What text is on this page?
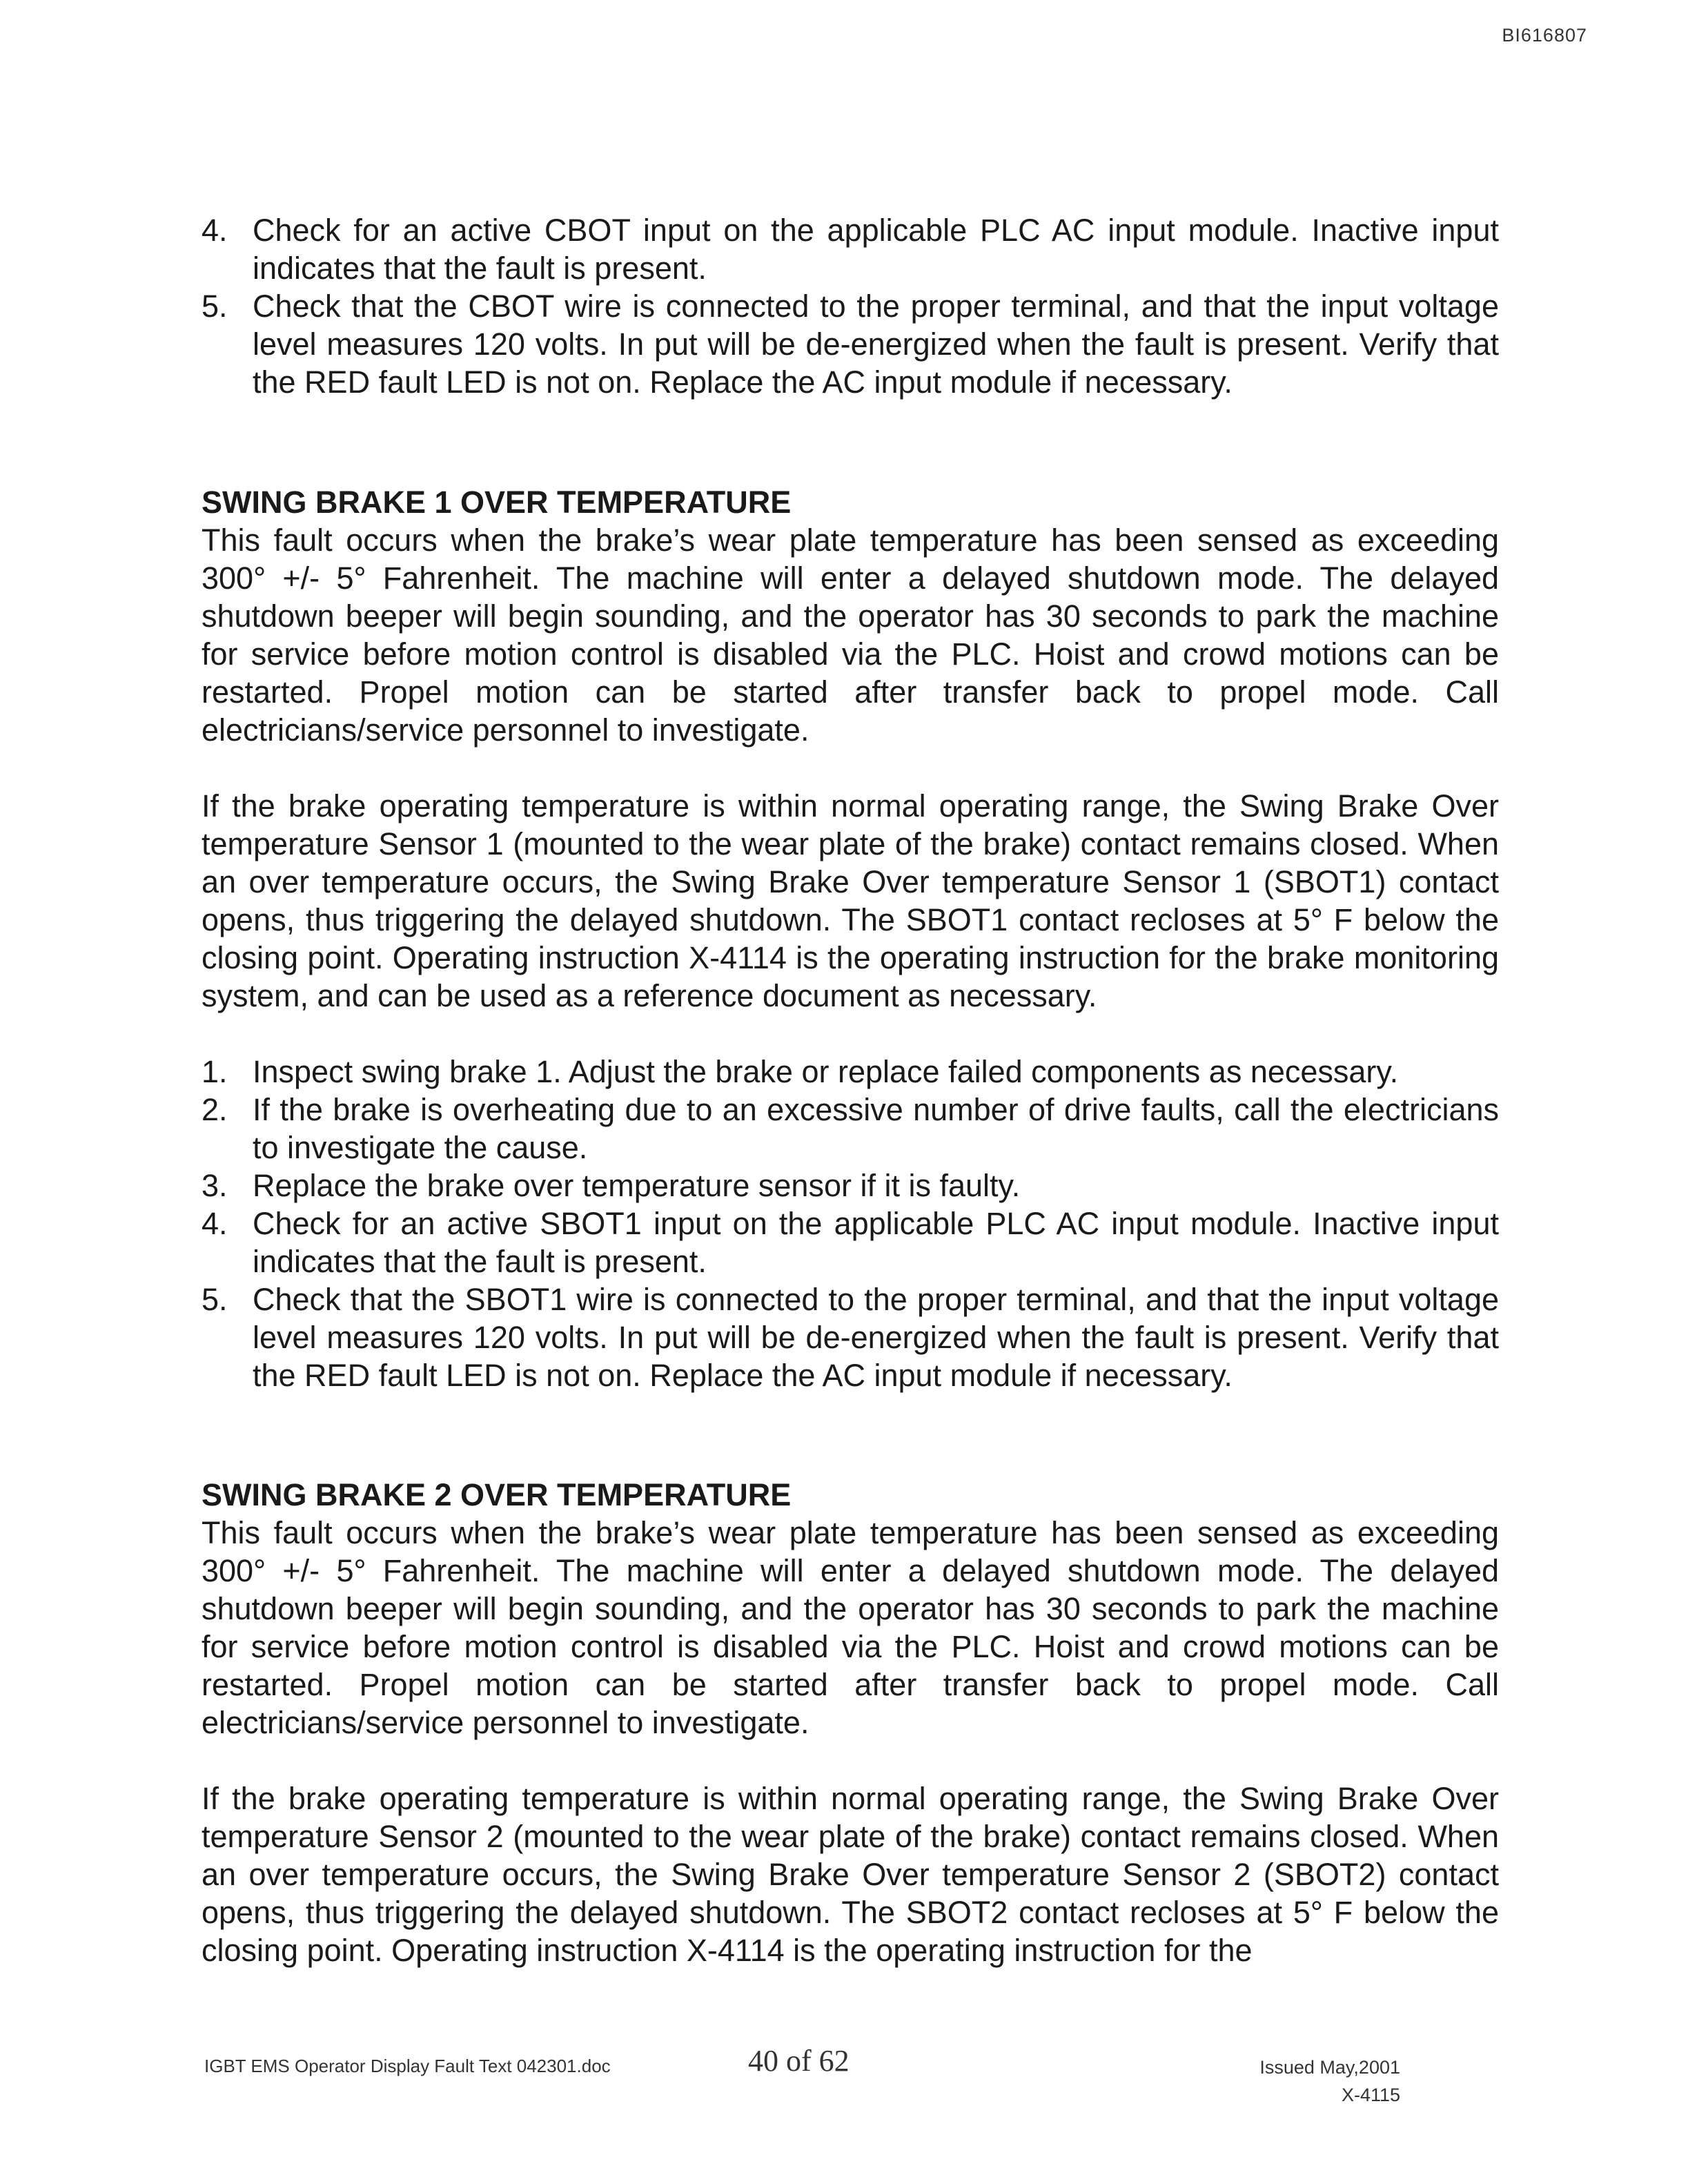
BI616807
4. Check for an active CBOT input on the applicable PLC AC input module. Inactive input indicates that the fault is present.
5. Check that the CBOT wire is connected to the proper terminal, and that the input voltage level measures 120 volts. In put will be de-energized when the fault is present. Verify that the RED fault LED is not on. Replace the AC input module if necessary.

SWING BRAKE 1 OVER TEMPERATURE

This fault occurs when the brake’s wear plate temperature has been sensed as exceeding 300° +/- 5° Fahrenheit. The machine will enter a delayed shutdown mode. The delayed shutdown beeper will begin sounding, and the operator has 30 seconds to park the machine for service before motion control is disabled via the PLC. Hoist and crowd motions can be restarted. Propel motion can be started after transfer back to propel mode. Call electricians/service personnel to investigate.

If the brake operating temperature is within normal operating range, the Swing Brake Over temperature Sensor 1 (mounted to the wear plate of the brake) contact remains closed. When an over temperature occurs, the Swing Brake Over temperature Sensor 1 (SBOT1) contact opens, thus triggering the delayed shutdown. The SBOT1 contact recloses at 5° F below the closing point. Operating instruction X-4114 is the operating instruction for the brake monitoring system, and can be used as a reference document as necessary.

1. Inspect swing brake 1. Adjust the brake or replace failed components as necessary.
2. If the brake is overheating due to an excessive number of drive faults, call the electricians to investigate the cause.
3. Replace the brake over temperature sensor if it is faulty.
4. Check for an active SBOT1 input on the applicable PLC AC input module. Inactive input indicates that the fault is present.
5. Check that the SBOT1 wire is connected to the proper terminal, and that the input voltage level measures 120 volts. In put will be de-energized when the fault is present. Verify that the RED fault LED is not on. Replace the AC input module if necessary.

SWING BRAKE 2 OVER TEMPERATURE

This fault occurs when the brake’s wear plate temperature has been sensed as exceeding 300° +/- 5° Fahrenheit. The machine will enter a delayed shutdown mode. The delayed shutdown beeper will begin sounding, and the operator has 30 seconds to park the machine for service before motion control is disabled via the PLC. Hoist and crowd motions can be restarted. Propel motion can be started after transfer back to propel mode. Call electricians/service personnel to investigate.

If the brake operating temperature is within normal operating range, the Swing Brake Over temperature Sensor 2 (mounted to the wear plate of the brake) contact remains closed. When an over temperature occurs, the Swing Brake Over temperature Sensor 2 (SBOT2) contact opens, thus triggering the delayed shutdown. The SBOT2 contact recloses at 5° F below the closing point. Operating instruction X-4114 is the operating instruction for the

IGBT EMS Operator Display Fault Text 042301.doc	40 of 62	Issued May,2001
X-4115
